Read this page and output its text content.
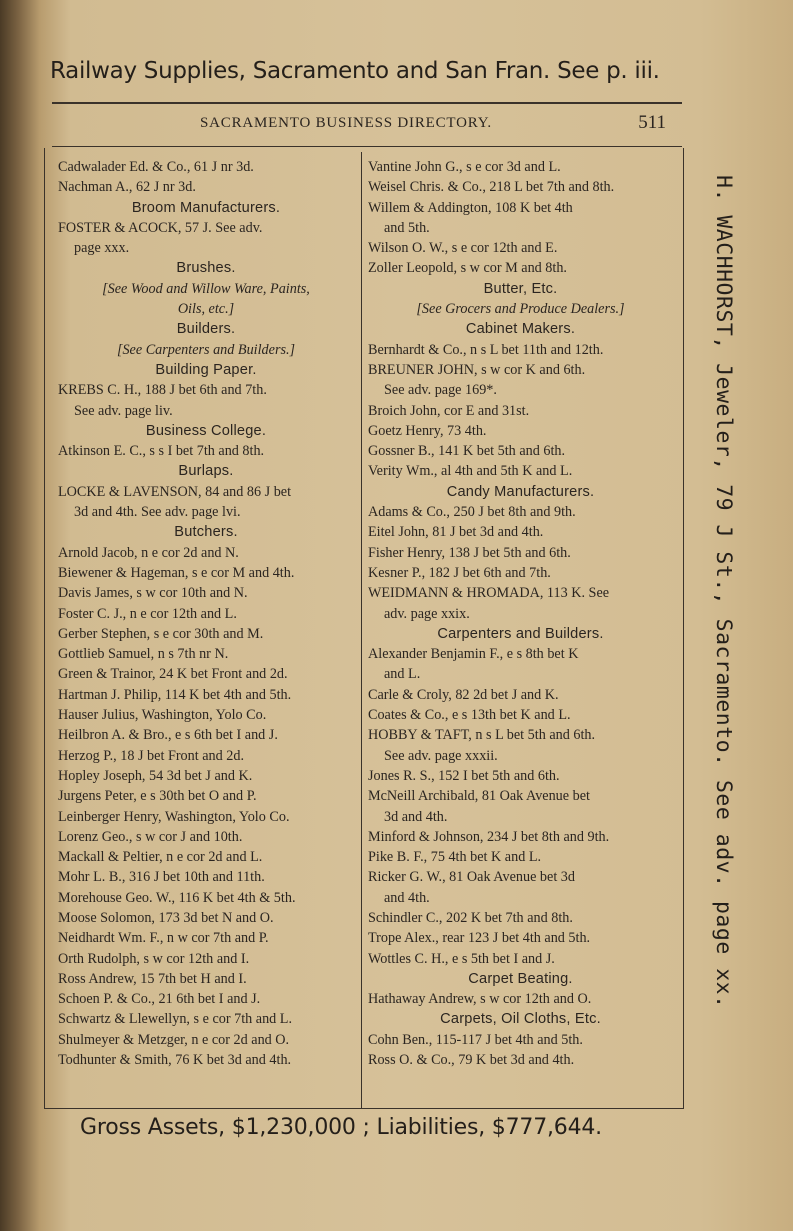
Railway Supplies, Sacramento and San Fran. See p. iii.
SACRAMENTO BUSINESS DIRECTORY.	511
Cadwalader Ed. & Co., 61 J nr 3d.
Nachman A., 62 J nr 3d.
Broom Manufacturers.
FOSTER & ACOCK, 57 J. See adv.
page xxx.
Brushes.
[See Wood and Willow Ware, Paints,
Oils, etc.]
Builders.
[See Carpenters and Builders.]
Building Paper.
KREBS C. H., 188 J bet 6th and 7th.
See adv. page liv.
Business College.
Atkinson E. C., s s I bet 7th and 8th.
Burlaps.
LOCKE & LAVENSON, 84 and 86 J bet
3d and 4th. See adv. page lvi.
Butchers.
Arnold Jacob, n e cor 2d and N.
Biewener & Hageman, s e cor M and 4th.
Davis James, s w cor 10th and N.
Foster C. J., n e cor 12th and L.
Gerber Stephen, s e cor 30th and M.
Gottlieb Samuel, n s 7th nr N.
Green & Trainor, 24 K bet Front and 2d.
Hartman J. Philip, 114 K bet 4th and 5th.
Hauser Julius, Washington, Yolo Co.
Heilbron A. & Bro., e s 6th bet I and J.
Herzog P., 18 J bet Front and 2d.
Hopley Joseph, 54 3d bet J and K.
Jurgens Peter, e s 30th bet O and P.
Leinberger Henry, Washington, Yolo Co.
Lorenz Geo., s w cor J and 10th.
Mackall & Peltier, n e cor 2d and L.
Mohr L. B., 316 J bet 10th and 11th.
Morehouse Geo. W., 116 K bet 4th & 5th.
Moose Solomon, 173 3d bet N and O.
Neidhardt Wm. F., n w cor 7th and P.
Orth Rudolph, s w cor 12th and I.
Ross Andrew, 15 7th bet H and I.
Schoen P. & Co., 21 6th bet I and J.
Schwartz & Llewellyn, s e cor 7th and L.
Shulmeyer & Metzger, n e cor 2d and O.
Todhunter & Smith, 76 K bet 3d and 4th.
Vantine John G., s e cor 3d and L.
Weisel Chris. & Co., 218 L bet 7th and 8th.
Willem & Addington, 108 K bet 4th
and 5th.
Wilson O. W., s e cor 12th and E.
Zoller Leopold, s w cor M and 8th.
Butter, Etc.
[See Grocers and Produce Dealers.]
Cabinet Makers.
Bernhardt & Co., n s L bet 11th and 12th.
BREUNER JOHN, s w cor K and 6th.
See adv. page 169*.
Broich John, cor E and 31st.
Goetz Henry, 73 4th.
Gossner B., 141 K bet 5th and 6th.
Verity Wm., al 4th and 5th K and L.
Candy Manufacturers.
Adams & Co., 250 J bet 8th and 9th.
Eitel John, 81 J bet 3d and 4th.
Fisher Henry, 138 J bet 5th and 6th.
Kesner P., 182 J bet 6th and 7th.
WEIDMANN & HROMADA, 113 K. See
adv. page xxix.
Carpenters and Builders.
Alexander Benjamin F., e s 8th bet K
and L.
Carle & Croly, 82 2d bet J and K.
Coates & Co., e s 13th bet K and L.
HOBBY & TAFT, n s L bet 5th and 6th.
See adv. page xxxii.
Jones R. S., 152 I bet 5th and 6th.
McNeill Archibald, 81 Oak Avenue bet
3d and 4th.
Minford & Johnson, 234 J bet 8th and 9th.
Pike B. F., 75 4th bet K and L.
Ricker G. W., 81 Oak Avenue bet 3d
and 4th.
Schindler C., 202 K bet 7th and 8th.
Trope Alex., rear 123 J bet 4th and 5th.
Wottles C. H., e s 5th bet I and J.
Carpet Beating.
Hathaway Andrew, s w cor 12th and O.
Carpets, Oil Cloths, Etc.
Cohn Ben., 115-117 J bet 4th and 5th.
Ross O. & Co., 79 K bet 3d and 4th.
H. WACHHORST, Jeweler, 79 J St., Sacramento. See adv. page xx.
Gross Assets, $1,230,000 ; Liabilities, $777,644.
